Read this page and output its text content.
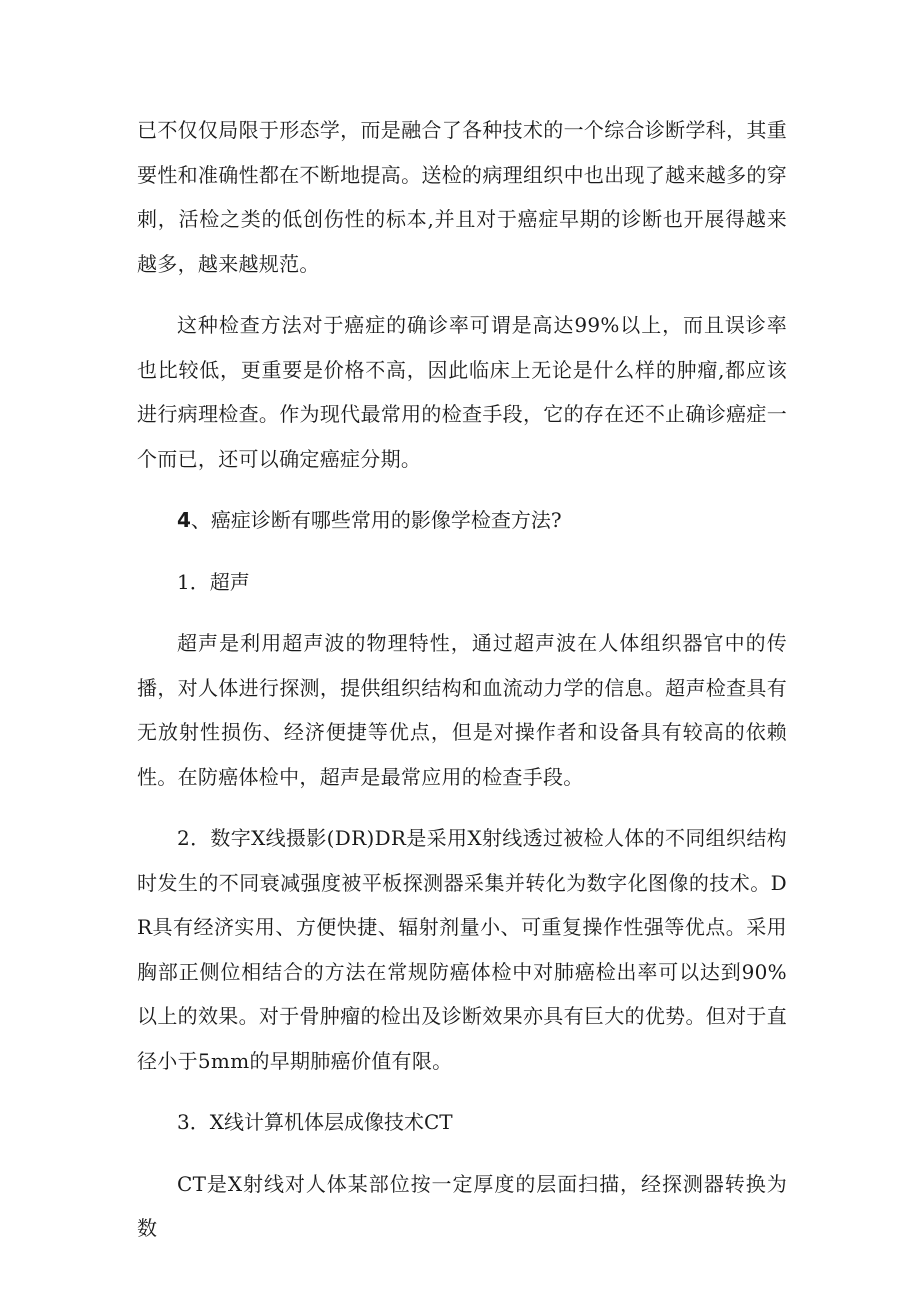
已不仅仅局限于形态学，而是融合了各种技术的一个综合诊断学科，其重要性和准确性都在不断地提高。送检的病理组织中也出现了越来越多的穿刺，活检之类的低创伤性的标本,并且对于癌症早期的诊断也开展得越来越多，越来越规范。

这种检查方法对于癌症的确诊率可谓是高达99%以上，而且误诊率也比较低，更重要是价格不高，因此临床上无论是什么样的肿瘤,都应该进行病理检查。作为现代最常用的检查手段，它的存在还不止确诊癌症一个而已，还可以确定癌症分期。

4、癌症诊断有哪些常用的影像学检查方法?

1．超声

超声是利用超声波的物理特性，通过超声波在人体组织器官中的传播，对人体进行探测，提供组织结构和血流动力学的信息。超声检查具有无放射性损伤、经济便捷等优点，但是对操作者和设备具有较高的依赖性。在防癌体检中，超声是最常应用的检查手段。

2．数字X线摄影(DR)DR是采用X射线透过被检人体的不同组织结构时发生的不同衰减强度被平板探测器采集并转化为数字化图像的技术。DR具有经济实用、方便快捷、辐射剂量小、可重复操作性强等优点。采用胸部正侧位相结合的方法在常规防癌体检中对肺癌检出率可以达到90%以上的效果。对于骨肿瘤的检出及诊断效果亦具有巨大的优势。但对于直径小于5mm的早期肺癌价值有限。

3．X线计算机体层成像技术CT

CT是X射线对人体某部位按一定厚度的层面扫描，经探测器转换为数
